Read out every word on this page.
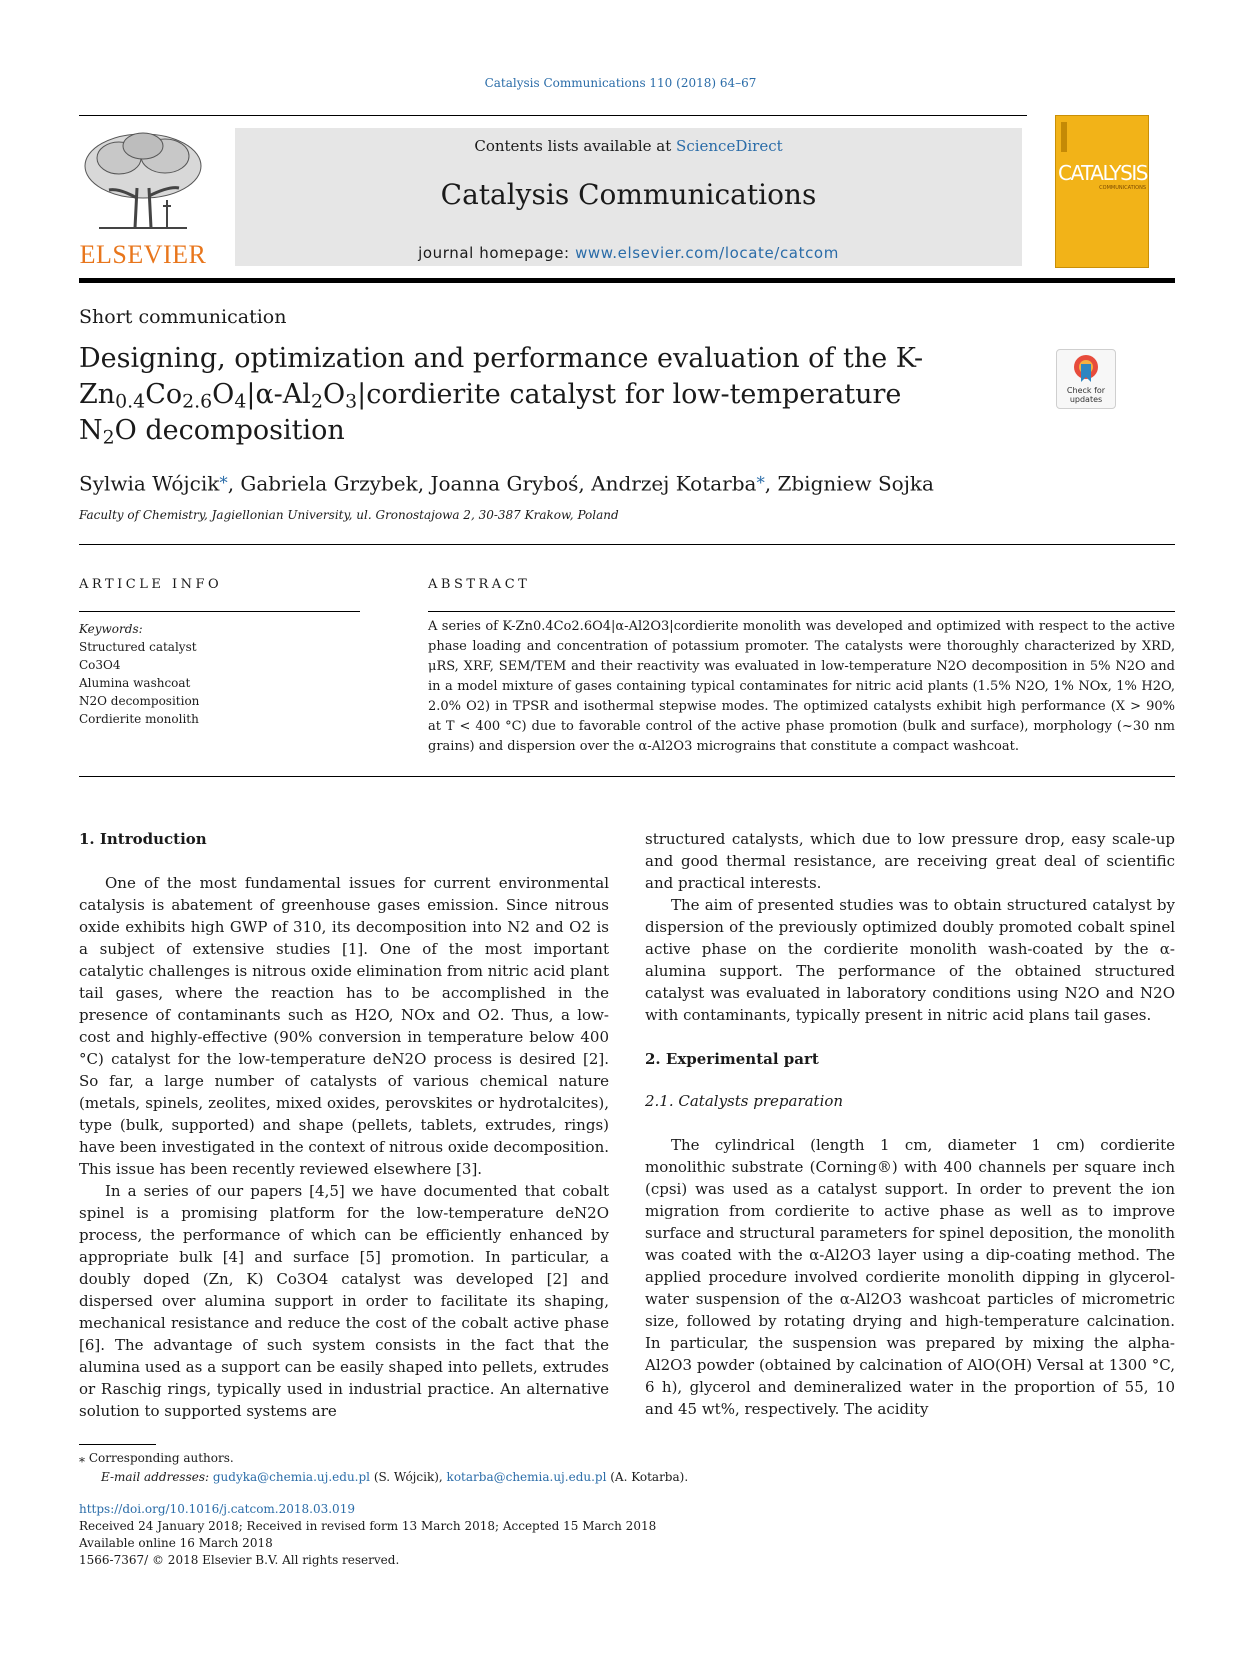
Catalysis Communications 110 (2018) 64–67
ELSEVIER
Contents lists available at ScienceDirect
Catalysis Communications
journal homepage: www.elsevier.com/locate/catcom
CATALYSIS
COMMUNICATIONS
Short communication
Designing, optimization and performance evaluation of the $K-Zn_{0.4}Co_{2.6}O_4|\alpha-Al_2O_3|cordierite$ catalyst for low-temperature $N_2O$ decomposition
Check for updates
Sylwia Wójcik⁎, Gabriela Grzybek, Joanna Gryboś, Andrzej Kotarba⁎, Zbigniew Sojka
Faculty of Chemistry, Jagiellonian University, ul. Gronostajowa 2, 30-387 Krakow, Poland
ARTICLE INFO
Keywords:
Structured catalyst
Co3O4
Alumina washcoat
N2O decomposition
Cordierite monolith
ABSTRACT
A series of K-Zn0.4Co2.6O4|α-Al2O3|cordierite monolith was developed and optimized with respect to the active phase loading and concentration of potassium promoter. The catalysts were thoroughly characterized by XRD, μRS, XRF, SEM/TEM and their reactivity was evaluated in low-temperature N2O decomposition in 5% N2O and in a model mixture of gases containing typical contaminates for nitric acid plants (1.5% N2O, 1% NOx, 1% H2O, 2.0% O2) in TPSR and isothermal stepwise modes. The optimized catalysts exhibit high performance (X > 90% at T < 400 °C) due to favorable control of the active phase promotion (bulk and surface), morphology (~30 nm grains) and dispersion over the α-Al2O3 micrograins that constitute a compact washcoat.
1. Introduction

One of the most fundamental issues for current environmental catalysis is abatement of greenhouse gases emission. Since nitrous oxide exhibits high GWP of 310, its decomposition into N2 and O2 is a subject of extensive studies [1]. One of the most important catalytic challenges is nitrous oxide elimination from nitric acid plant tail gases, where the reaction has to be accomplished in the presence of contaminants such as H2O, NOx and O2. Thus, a low-cost and highly-effective (90% conversion in temperature below 400 °C) catalyst for the low-temperature deN2O process is desired [2]. So far, a large number of catalysts of various chemical nature (metals, spinels, zeolites, mixed oxides, perovskites or hydrotalcites), type (bulk, supported) and shape (pellets, tablets, extrudes, rings) have been investigated in the context of nitrous oxide decomposition. This issue has been recently reviewed elsewhere [3].

In a series of our papers [4,5] we have documented that cobalt spinel is a promising platform for the low-temperature deN2O process, the performance of which can be efficiently enhanced by appropriate bulk [4] and surface [5] promotion. In particular, a doubly doped (Zn, K) Co3O4 catalyst was developed [2] and dispersed over alumina support in order to facilitate its shaping, mechanical resistance and reduce the cost of the cobalt active phase [6]. The advantage of such system consists in the fact that the alumina used as a support can be easily shaped into pellets, extrudes or Raschig rings, typically used in industrial practice. An alternative solution to supported systems are

structured catalysts, which due to low pressure drop, easy scale-up and good thermal resistance, are receiving great deal of scientific and practical interests.

The aim of presented studies was to obtain structured catalyst by dispersion of the previously optimized doubly promoted cobalt spinel active phase on the cordierite monolith wash-coated by the α-alumina support. The performance of the obtained structured catalyst was evaluated in laboratory conditions using N2O and N2O with contaminants, typically present in nitric acid plans tail gases.

2. Experimental part
2.1. Catalysts preparation

The cylindrical (length 1 cm, diameter 1 cm) cordierite monolithic substrate (Corning®) with 400 channels per square inch (cpsi) was used as a catalyst support. In order to prevent the ion migration from cordierite to active phase as well as to improve surface and structural parameters for spinel deposition, the monolith was coated with the α-Al2O3 layer using a dip-coating method. The applied procedure involved cordierite monolith dipping in glycerol-water suspension of the α-Al2O3 washcoat particles of micrometric size, followed by rotating drying and high-temperature calcination. In particular, the suspension was prepared by mixing the alpha-Al2O3 powder (obtained by calcination of AlO(OH) Versal at 1300 °C, 6 h), glycerol and demineralized water in the proportion of 55, 10 and 45 wt%, respectively. The acidity

⁎ Corresponding authors.
E-mail addresses: gudyka@chemia.uj.edu.pl (S. Wójcik), kotarba@chemia.uj.edu.pl (A. Kotarba).
https://doi.org/10.1016/j.catcom.2018.03.019
Received 24 January 2018; Received in revised form 13 March 2018; Accepted 15 March 2018
Available online 16 March 2018
1566-7367/ © 2018 Elsevier B.V. All rights reserved.
